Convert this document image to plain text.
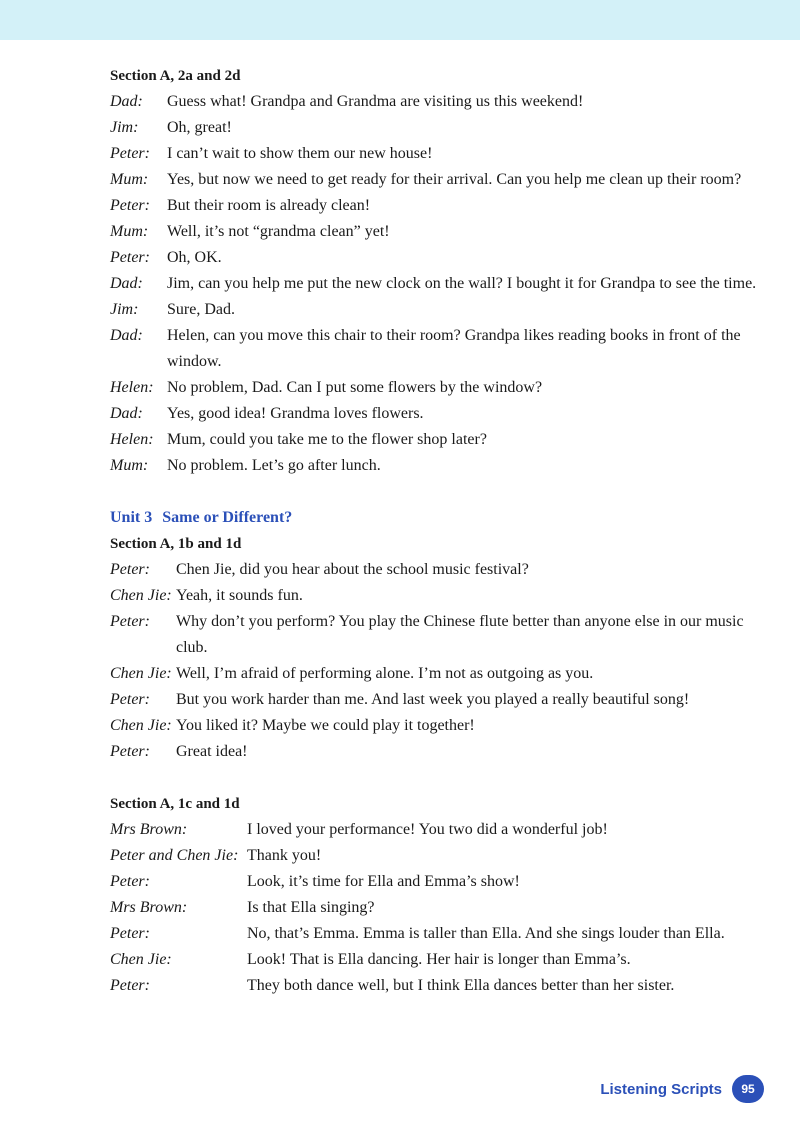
Section A, 2a and 2d
Dad:	Guess what! Grandpa and Grandma are visiting us this weekend!
Jim:	Oh, great!
Peter:	I can’t wait to show them our new house!
Mum:	Yes, but now we need to get ready for their arrival. Can you help me clean up their room?
Peter:	But their room is already clean!
Mum:	Well, it’s not “grandma clean” yet!
Peter:	Oh, OK.
Dad:	Jim, can you help me put the new clock on the wall? I bought it for Grandpa to see the time.
Jim:	Sure, Dad.
Dad:	Helen, can you move this chair to their room? Grandpa likes reading books in front of the window.
Helen: No problem, Dad. Can I put some flowers by the window?
Dad:	Yes, good idea! Grandma loves flowers.
Helen: Mum, could you take me to the flower shop later?
Mum:	No problem. Let’s go after lunch.
Unit 3 Same or Different?
Section A, 1b and 1d
Peter:	Chen Jie, did you hear about the school music festival?
Chen Jie: Yeah, it sounds fun.
Peter:	Why don’t you perform? You play the Chinese flute better than anyone else in our music club.
Chen Jie: Well, I’m afraid of performing alone. I’m not as outgoing as you.
Peter:	But you work harder than me. And last week you played a really beautiful song!
Chen Jie: You liked it? Maybe we could play it together!
Peter:	Great idea!
Section A, 1c and 1d
Mrs Brown:	I loved your performance! You two did a wonderful job!
Peter and Chen Jie: Thank you!
Peter:	Look, it’s time for Ella and Emma’s show!
Mrs Brown:	Is that Ella singing?
Peter:	No, that’s Emma. Emma is taller than Ella. And she sings louder than Ella.
Chen Jie:	Look! That is Ella dancing. Her hair is longer than Emma’s.
Peter:	They both dance well, but I think Ella dances better than her sister.
Listening Scripts	95
